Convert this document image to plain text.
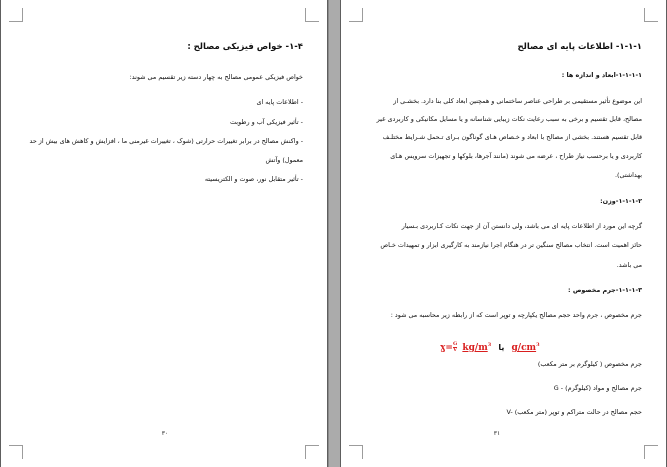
۱-۴- خواص فیزیکی مصالح :
خواص فیزیکی عمومی مصالح به چهار دسته زیر تقسیم می شوند:
- اطلاعات پایه ای
- تأثیر فیزیکی آب و رطوبت
- واکنش مصالح در برابر تغییرات حرارتی (شوک ، تغییرات غیرمنی ما ، افزایش و کاهش های بیش از حد
معمول) وآتش
- تأثیر متقابل نور، صوت و الکتریسیته
۳۰
۱-۱-۱- اطلاعات پایه ای مصالح
۱-۱-۱-۱-ابعاد و اندازه ها :
این موضوع تأثیر مستقیمی بر طراحی عناصر ساختمانی و همچنین ابعاد کلی بنا دارد. بخشـی از
مصالح، قابل تقسیم و برخی به سبب رعایت نکات زیبایی شناسانه و یا مسایل مکانیکی و کاربردی غیر
قابل تقسیم هستند. بخشی از مصالح با ابعاد و خـصاص هـای گوناگون بـرای تـحمل شـرایط مختلـف
کاربردی و یا برحسب نیاز طراح ، عرضه می شوند (مانند آجرها، بلوکها و تجهیزات سرویس هـای
بهداشتی).
۱-۱-۱-۲-وزن:
گرچه این مورد از اطلاعات پایه ای می باشد، ولی دانستن آن از جهت نکات کـاربردی بـسیار
حائز اهمیت است. انتخاب مصالح سنگین تر در هنگام اجرا نیازمند به کارگیری ابزار و تمهیدات خـاص
می باشد.
۱-۱-۱-۳-جرم مخصوص :
جرم مخصوص ، جرم واحد حجم مصالح یکپارچه و توپر است که از رابطه زیر محاسبه می شود :
جرم مخصوص ( کیلوگرم بر متر مکعب)
G - جرم مصالح و مواد (کیلوگرم)
V- حجم مصالح در حالت متراکم و توپر (متر مکعب)
۳۱
ɣ= $\frac{G}{V} kg/m^3$ یا $g/cm^3$
